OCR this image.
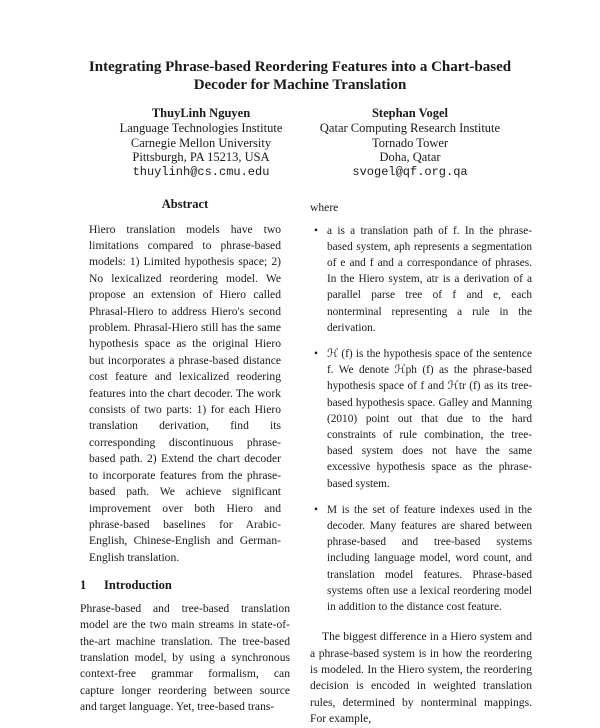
Integrating Phrase-based Reordering Features into a Chart-based
Decoder for Machine Translation
ThuyLinh Nguyen
Language Technologies Institute
Carnegie Mellon University
Pittsburgh, PA 15213, USA
thuylinh@cs.cmu.edu
Stephan Vogel
Qatar Computing Research Institute
Tornado Tower
Doha, Qatar
svogel@qf.org.qa
Abstract

Hiero translation models have two limitations compared to phrase-based models: 1) Limited hypothesis space; 2) No lexicalized reordering model. We propose an extension of Hiero called Phrasal-Hiero to address Hiero's second problem. Phrasal-Hiero still has the same hypothesis space as the original Hiero but incorporates a phrase-based distance cost feature and lexicalized reodering features into the chart decoder. The work consists of two parts: 1) for each Hiero translation derivation, find its corresponding discontinuous phrase-based path. 2) Extend the chart decoder to incorporate features from the phrase-based path. We achieve significant improvement over both Hiero and phrase-based baselines for Arabic-English, Chinese-English and German-English translation.

1 Introduction

Phrase-based and tree-based translation model are the two main streams in state-of-the-art machine translation. The tree-based translation model, by using a synchronous context-free grammar formalism, can capture longer reordering between source and target language. Yet, tree-based trans-

where
• a is a translation path of f. In the phrase-based system, aph represents a segmentation of e and f and a correspondance of phrases. In the Hiero system, atr is a derivation of a parallel parse tree of f and e, each nonterminal representing a rule in the derivation.
• ℋ (f) is the hypothesis space of the sentence f. We denote ℋph (f) as the phrase-based hypothesis space of f and ℋtr (f) as its tree-based hypothesis space. Galley and Manning (2010) point out that due to the hard constraints of rule combination, the tree-based system does not have the same excessive hypothesis space as the phrase-based system.
• M is the set of feature indexes used in the decoder. Many features are shared between phrase-based and tree-based systems including language model, word count, and translation model features. Phrase-based systems often use a lexical reordering model in addition to the distance cost feature.

The biggest difference in a Hiero system and a phrase-based system is in how the reordering is modeled. In the Hiero system, the reordering decision is encoded in weighted translation rules, determined by nonterminal mappings. For example,
